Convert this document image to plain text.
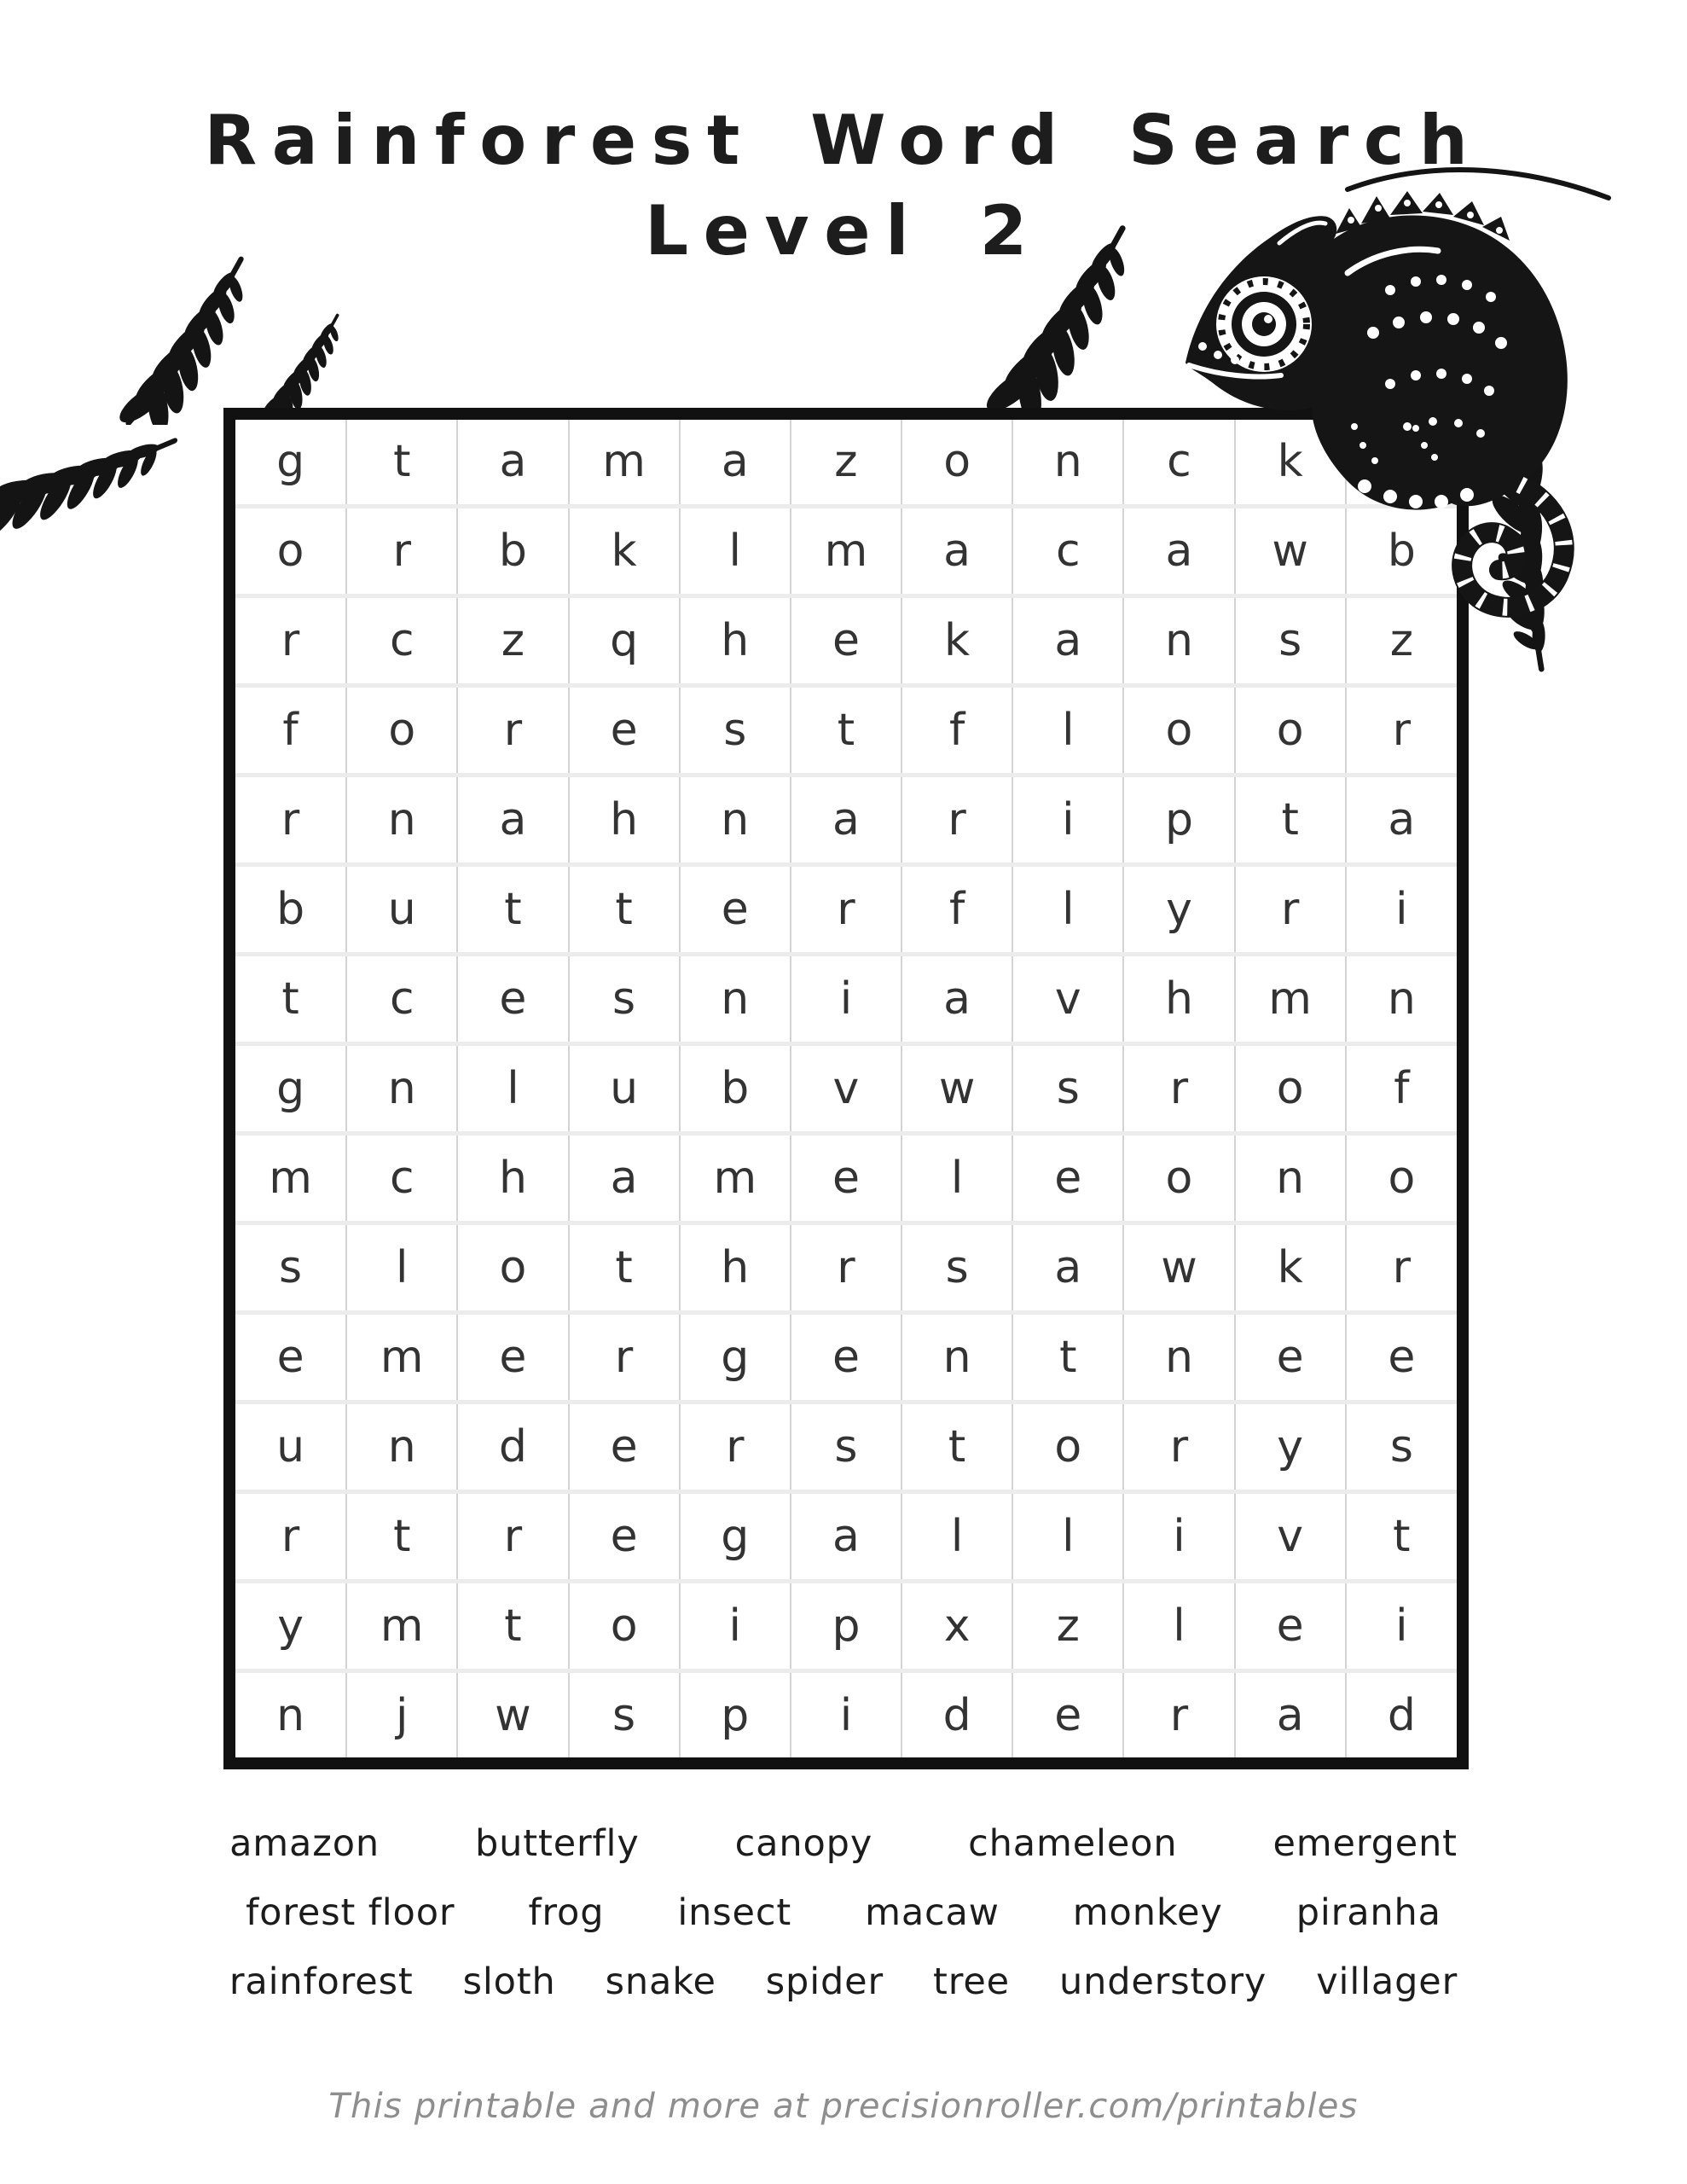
Rainforest Word Search
Level 2
g	t	a	m	a	z	o	n	c	k	
o	r	b	k	l	m	a	c	a	w	b
r	c	z	q	h	e	k	a	n	s	z
f	o	r	e	s	t	f	l	o	o	r
r	n	a	h	n	a	r	i	p	t	a
b	u	t	t	e	r	f	l	y	r	i
t	c	e	s	n	i	a	v	h	m	n
g	n	l	u	b	v	w	s	r	o	f
m	c	h	a	m	e	l	e	o	n	o
s	l	o	t	h	r	s	a	w	k	r
e	m	e	r	g	e	n	t	n	e	e
u	n	d	e	r	s	t	o	r	y	s
r	t	r	e	g	a	l	l	i	v	t
y	m	t	o	i	p	x	z	l	e	i
n	j	w	s	p	i	d	e	r	a	d
amazon	butterfly	canopy	chameleon	emergent
forest floor frog insect macaw monkey piranha
rainforest sloth snake spider tree understory villager
This printable and more at precisionroller.com/printables
